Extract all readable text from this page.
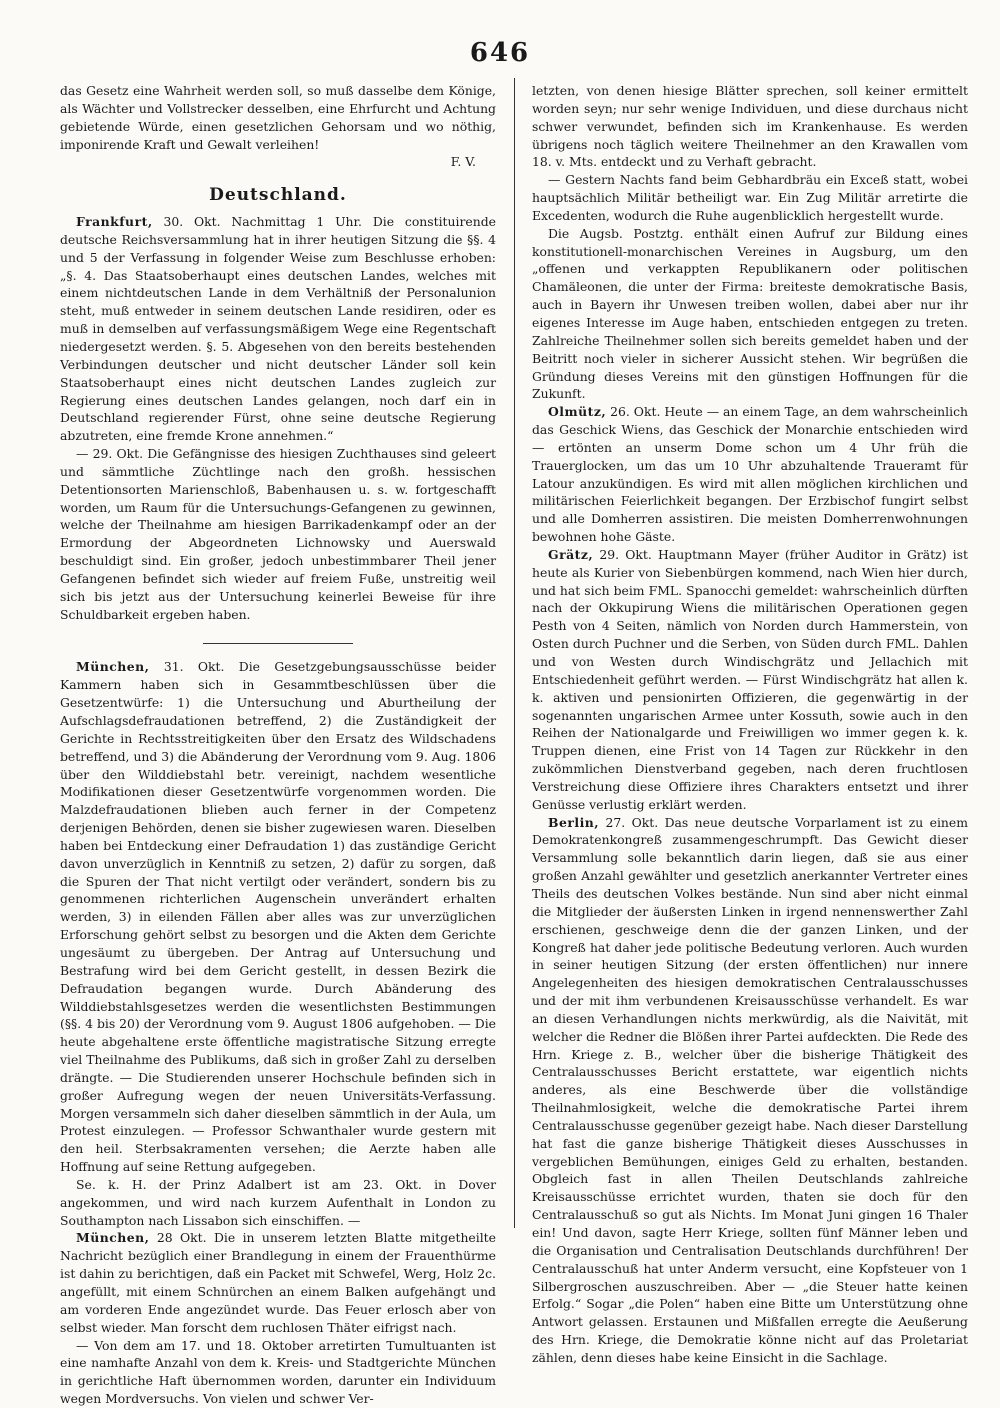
646

das Gesetz eine Wahrheit werden soll, so muß dasselbe dem Könige, als Wächter und Vollstrecker desselben, eine Ehrfurcht und Achtung gebietende Würde, einen gesetzlichen Gehorsam und wo nöthig, imponirende Kraft und Gewalt verleihen!

F. V.
Deutschland.

Frankfurt, 30. Okt. Nachmittag 1 Uhr. Die constituirende deutsche Reichsversammlung hat in ihrer heutigen Sitzung die §§. 4 und 5 der Verfassung in folgender Weise zum Beschlusse erhoben: „§. 4. Das Staatsoberhaupt eines deutschen Landes, welches mit einem nichtdeutschen Lande in dem Verhältniß der Personalunion steht, muß entweder in seinem deutschen Lande residiren, oder es muß in demselben auf verfassungsmäßigem Wege eine Regentschaft niedergesetzt werden. §. 5. Abgesehen von den bereits bestehenden Verbindungen deutscher und nicht deutscher Länder soll kein Staatsoberhaupt eines nicht deutschen Landes zugleich zur Regierung eines deutschen Landes gelangen, noch darf ein in Deutschland regierender Fürst, ohne seine deutsche Regierung abzutreten, eine fremde Krone annehmen.“

— 29. Okt. Die Gefängnisse des hiesigen Zuchthauses sind geleert und sämmtliche Züchtlinge nach den großh. hessischen Detentionsorten Marienschloß, Babenhausen u. s. w. fortgeschafft worden, um Raum für die Untersuchungs-Gefangenen zu gewinnen, welche der Theilnahme am hiesigen Barrikadenkampf oder an der Ermordung der Abgeordneten Lichnowsky und Auerswald beschuldigt sind. Ein großer, jedoch unbestimmbarer Theil jener Gefangenen befindet sich wieder auf freiem Fuße, unstreitig weil sich bis jetzt aus der Untersuchung keinerlei Beweise für ihre Schuldbarkeit ergeben haben.

München, 31. Okt. Die Gesetzgebungsausschüsse beider Kammern haben sich in Gesammtbeschlüssen über die Gesetzentwürfe: 1) die Untersuchung und Aburtheilung der Aufschlagsdefraudationen betreffend, 2) die Zuständigkeit der Gerichte in Rechtsstreitigkeiten über den Ersatz des Wildschadens betreffend, und 3) die Abänderung der Verordnung vom 9. Aug. 1806 über den Wilddiebstahl betr. vereinigt, nachdem wesentliche Modifikationen dieser Gesetzentwürfe vorgenommen worden. Die Malzdefraudationen blieben auch ferner in der Competenz derjenigen Behörden, denen sie bisher zugewiesen waren. Dieselben haben bei Entdeckung einer Defraudation 1) das zuständige Gericht davon unverzüglich in Kenntniß zu setzen, 2) dafür zu sorgen, daß die Spuren der That nicht vertilgt oder verändert, sondern bis zu genommenen richterlichen Augenschein unverändert erhalten werden, 3) in eilenden Fällen aber alles was zur unverzüglichen Erforschung gehört selbst zu besorgen und die Akten dem Gerichte ungesäumt zu übergeben. Der Antrag auf Untersuchung und Bestrafung wird bei dem Gericht gestellt, in dessen Bezirk die Defraudation begangen wurde. Durch Abänderung des Wilddiebstahlsgesetzes werden die wesentlichsten Bestimmungen (§§. 4 bis 20) der Verordnung vom 9. August 1806 aufgehoben. — Die heute abgehaltene erste öffentliche magistratische Sitzung erregte viel Theilnahme des Publikums, daß sich in großer Zahl zu derselben drängte. — Die Studierenden unserer Hochschule befinden sich in großer Aufregung wegen der neuen Universitäts-Verfassung. Morgen versammeln sich daher dieselben sämmtlich in der Aula, um Protest einzulegen. — Professor Schwanthaler wurde gestern mit den heil. Sterbsakramenten versehen; die Aerzte haben alle Hoffnung auf seine Rettung aufgegeben.

Se. k. H. der Prinz Adalbert ist am 23. Okt. in Dover angekommen, und wird nach kurzem Aufenthalt in London zu Southampton nach Lissabon sich einschiffen. —

München, 28 Okt. Die in unserem letzten Blatte mitgetheilte Nachricht bezüglich einer Brandlegung in einem der Frauenthürme ist dahin zu berichtigen, daß ein Packet mit Schwefel, Werg, Holz 2c. angefüllt, mit einem Schnürchen an einem Balken aufgehängt und am vorderen Ende angezündet wurde. Das Feuer erlosch aber von selbst wieder. Man forscht dem ruchlosen Thäter eifrigst nach.

— Von dem am 17. und 18. Oktober arretirten Tumultuanten ist eine namhafte Anzahl von dem k. Kreis- und Stadtgerichte München in gerichtliche Haft übernommen worden, darunter ein Individuum wegen Mordversuchs. Von vielen und schwer Ver-

letzten, von denen hiesige Blätter sprechen, soll keiner ermittelt worden seyn; nur sehr wenige Individuen, und diese durchaus nicht schwer verwundet, befinden sich im Krankenhause. Es werden übrigens noch täglich weitere Theilnehmer an den Krawallen vom 18. v. Mts. entdeckt und zu Verhaft gebracht.

— Gestern Nachts fand beim Gebhardbräu ein Exceß statt, wobei hauptsächlich Militär betheiligt war. Ein Zug Militär arretirte die Excedenten, wodurch die Ruhe augenblicklich hergestellt wurde.

Die Augsb. Postztg. enthält einen Aufruf zur Bildung eines konstitutionell-monarchischen Vereines in Augsburg, um den „offenen und verkappten Republikanern oder politischen Chamäleonen, die unter der Firma: breiteste demokratische Basis, auch in Bayern ihr Unwesen treiben wollen, dabei aber nur ihr eigenes Interesse im Auge haben, entschieden entgegen zu treten. Zahlreiche Theilnehmer sollen sich bereits gemeldet haben und der Beitritt noch vieler in sicherer Aussicht stehen. Wir begrüßen die Gründung dieses Vereins mit den günstigen Hoffnungen für die Zukunft.

Olmütz, 26. Okt. Heute — an einem Tage, an dem wahrscheinlich das Geschick Wiens, das Geschick der Monarchie entschieden wird — ertönten an unserm Dome schon um 4 Uhr früh die Trauerglocken, um das um 10 Uhr abzuhaltende Traueramt für Latour anzukündigen. Es wird mit allen möglichen kirchlichen und militärischen Feierlichkeit begangen. Der Erzbischof fungirt selbst und alle Domherren assistiren. Die meisten Domherrenwohnungen bewohnen hohe Gäste.

Grätz, 29. Okt. Hauptmann Mayer (früher Auditor in Grätz) ist heute als Kurier von Siebenbürgen kommend, nach Wien hier durch, und hat sich beim FML. Spanocchi gemeldet: wahrscheinlich dürften nach der Okkupirung Wiens die militärischen Operationen gegen Pesth von 4 Seiten, nämlich von Norden durch Hammerstein, von Osten durch Puchner und die Serben, von Süden durch FML. Dahlen und von Westen durch Windischgrätz und Jellachich mit Entschiedenheit geführt werden. — Fürst Windischgrätz hat allen k. k. aktiven und pensionirten Offizieren, die gegenwärtig in der sogenannten ungarischen Armee unter Kossuth, sowie auch in den Reihen der Nationalgarde und Freiwilligen wo immer gegen k. k. Truppen dienen, eine Frist von 14 Tagen zur Rückkehr in den zukömmlichen Dienstverband gegeben, nach deren fruchtlosen Verstreichung diese Offiziere ihres Charakters entsetzt und ihrer Genüsse verlustig erklärt werden.

Berlin, 27. Okt. Das neue deutsche Vorparlament ist zu einem Demokratenkongreß zusammengeschrumpft. Das Gewicht dieser Versammlung solle bekanntlich darin liegen, daß sie aus einer großen Anzahl gewählter und gesetzlich anerkannter Vertreter eines Theils des deutschen Volkes bestände. Nun sind aber nicht einmal die Mitglieder der äußersten Linken in irgend nennenswerther Zahl erschienen, geschweige denn die der ganzen Linken, und der Kongreß hat daher jede politische Bedeutung verloren. Auch wurden in seiner heutigen Sitzung (der ersten öffentlichen) nur innere Angelegenheiten des hiesigen demokratischen Centralausschusses und der mit ihm verbundenen Kreisausschüsse verhandelt. Es war an diesen Verhandlungen nichts merkwürdig, als die Naivität, mit welcher die Redner die Blößen ihrer Partei aufdeckten. Die Rede des Hrn. Kriege z. B., welcher über die bisherige Thätigkeit des Centralausschusses Bericht erstattete, war eigentlich nichts anderes, als eine Beschwerde über die vollständige Theilnahmlosigkeit, welche die demokratische Partei ihrem Centralausschusse gegenüber gezeigt habe. Nach dieser Darstellung hat fast die ganze bisherige Thätigkeit dieses Ausschusses in vergeblichen Bemühungen, einiges Geld zu erhalten, bestanden. Obgleich fast in allen Theilen Deutschlands zahlreiche Kreisausschüsse errichtet wurden, thaten sie doch für den Centralausschuß so gut als Nichts. Im Monat Juni gingen 16 Thaler ein! Und davon, sagte Herr Kriege, sollten fünf Männer leben und die Organisation und Centralisation Deutschlands durchführen! Der Centralausschuß hat unter Anderm versucht, eine Kopfsteuer von 1 Silbergroschen auszuschreiben. Aber — „die Steuer hatte keinen Erfolg.“ Sogar „die Polen“ haben eine Bitte um Unterstützung ohne Antwort gelassen. Erstaunen und Mißfallen erregte die Aeußerung des Hrn. Kriege, die Demokratie könne nicht auf das Proletariat zählen, denn dieses habe keine Einsicht in die Sachlage.
